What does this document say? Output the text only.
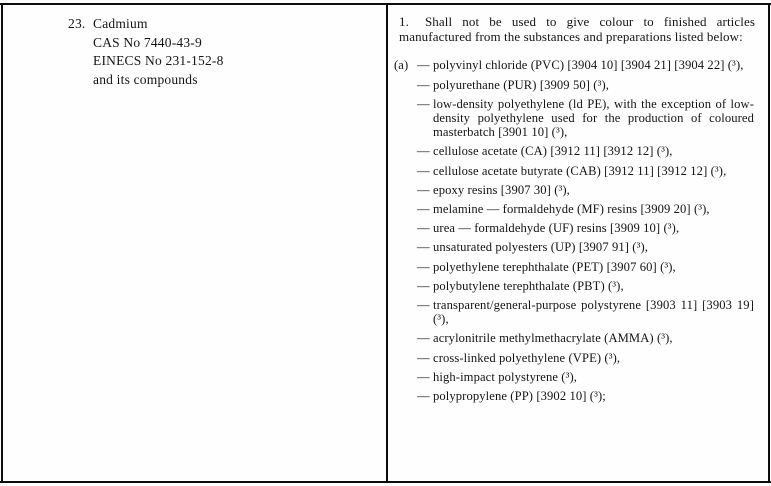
23. Cadmium
CAS No 7440-43-9
EINECS No 231-152-8
and its compounds

1. Shall not be used to give colour to finished articles manufactured from the substances and preparations listed below:

(a) — polyvinyl chloride (PVC) [3904 10] [3904 21] [3904 22] (³),
— polyurethane (PUR) [3909 50] (³),
— low-density polyethylene (ld PE), with the exception of low-density polyethylene used for the production of coloured masterbatch [3901 10] (³),
— cellulose acetate (CA) [3912 11] [3912 12] (³),
— cellulose acetate butyrate (CAB) [3912 11] [3912 12] (³),
— epoxy resins [3907 30] (³),
— melamine — formaldehyde (MF) resins [3909 20] (³),
— urea — formaldehyde (UF) resins [3909 10] (³),
— unsaturated polyesters (UP) [3907 91] (³),
— polyethylene terephthalate (PET) [3907 60] (³),
— polybutylene terephthalate (PBT) (³),
— transparent/general-purpose polystyrene [3903 11] [3903 19] (³),
— acrylonitrile methylmethacrylate (AMMA) (³),
— cross-linked polyethylene (VPE) (³),
— high-impact polystyrene (³),
— polypropylene (PP) [3902 10] (³);
